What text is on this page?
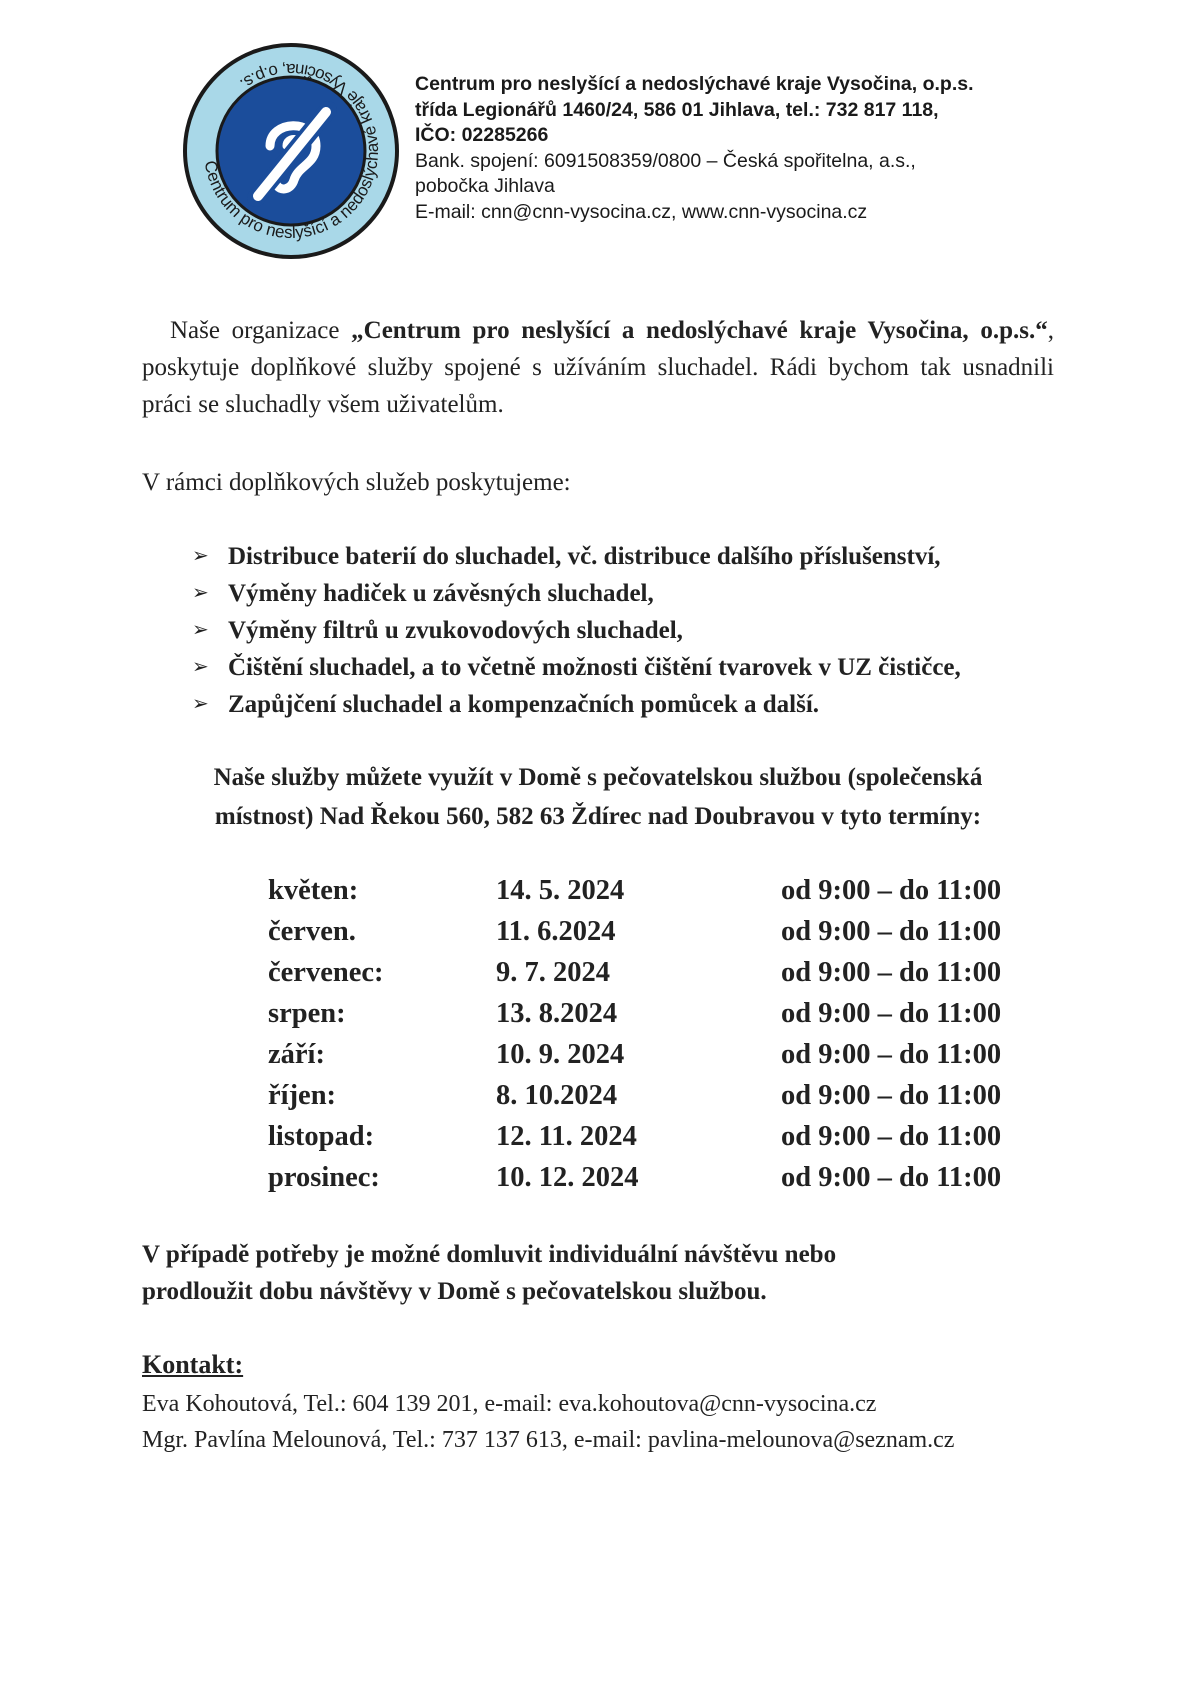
Centrum pro neslyšící a nedoslýchavé kraje Vysočina, o.p.s.	Centrum pro neslyšící a nedoslýchavé kraje Vysočina, o.p.s.
třída Legionářů 1460/24, 586 01 Jihlava, tel.: 732 817 118,
IČO: 02285266
Bank. spojení: 6091508359/0800 – Česká spořitelna, a.s.,
pobočka Jihlava
E-mail: cnn@cnn-vysocina.cz, www.cnn-vysocina.cz

Naše organizace „Centrum pro neslyšící a nedoslýchavé kraje Vysočina, o.p.s.“, poskytuje doplňkové služby spojené s užíváním sluchadel. Rádi bychom tak usnadnili práci se sluchadly všem uživatelům.

V rámci doplňkových služeb poskytujeme:
➢ Distribuce baterií do sluchadel, vč. distribuce dalšího příslušenství,
➢ Výměny hadiček u závěsných sluchadel,
➢ Výměny filtrů u zvukovodových sluchadel,
➢ Čištění sluchadel, a to včetně možnosti čištění tvarovek v UZ čističce,
➢ Zapůjčení sluchadel a kompenzačních pomůcek a další.
Naše služby můžete využít v Domě s pečovatelskou službou (společenská
místnost) Nad Řekou 560, 582 63 Ždírec nad Doubravou v tyto termíny:
květen:	14. 5. 2024	od 9:00 – do 11:00
červen.	11. 6.2024	od 9:00 – do 11:00
červenec:	9. 7. 2024	od 9:00 – do 11:00
srpen:	13. 8.2024	od 9:00 – do 11:00
září:	10. 9. 2024	od 9:00 – do 11:00
říjen:	8. 10.2024	od 9:00 – do 11:00
listopad:	12. 11. 2024	od 9:00 – do 11:00
prosinec:	10. 12. 2024	od 9:00 – do 11:00
V případě potřeby je možné domluvit individuální návštěvu nebo
prodloužit dobu návštěvy v Domě s pečovatelskou službou.
Kontakt:
Eva Kohoutová, Tel.: 604 139 201, e-mail: eva.kohoutova@cnn-vysocina.cz
Mgr. Pavlína Melounová, Tel.: 737 137 613, e-mail: pavlina-melounova@seznam.cz
